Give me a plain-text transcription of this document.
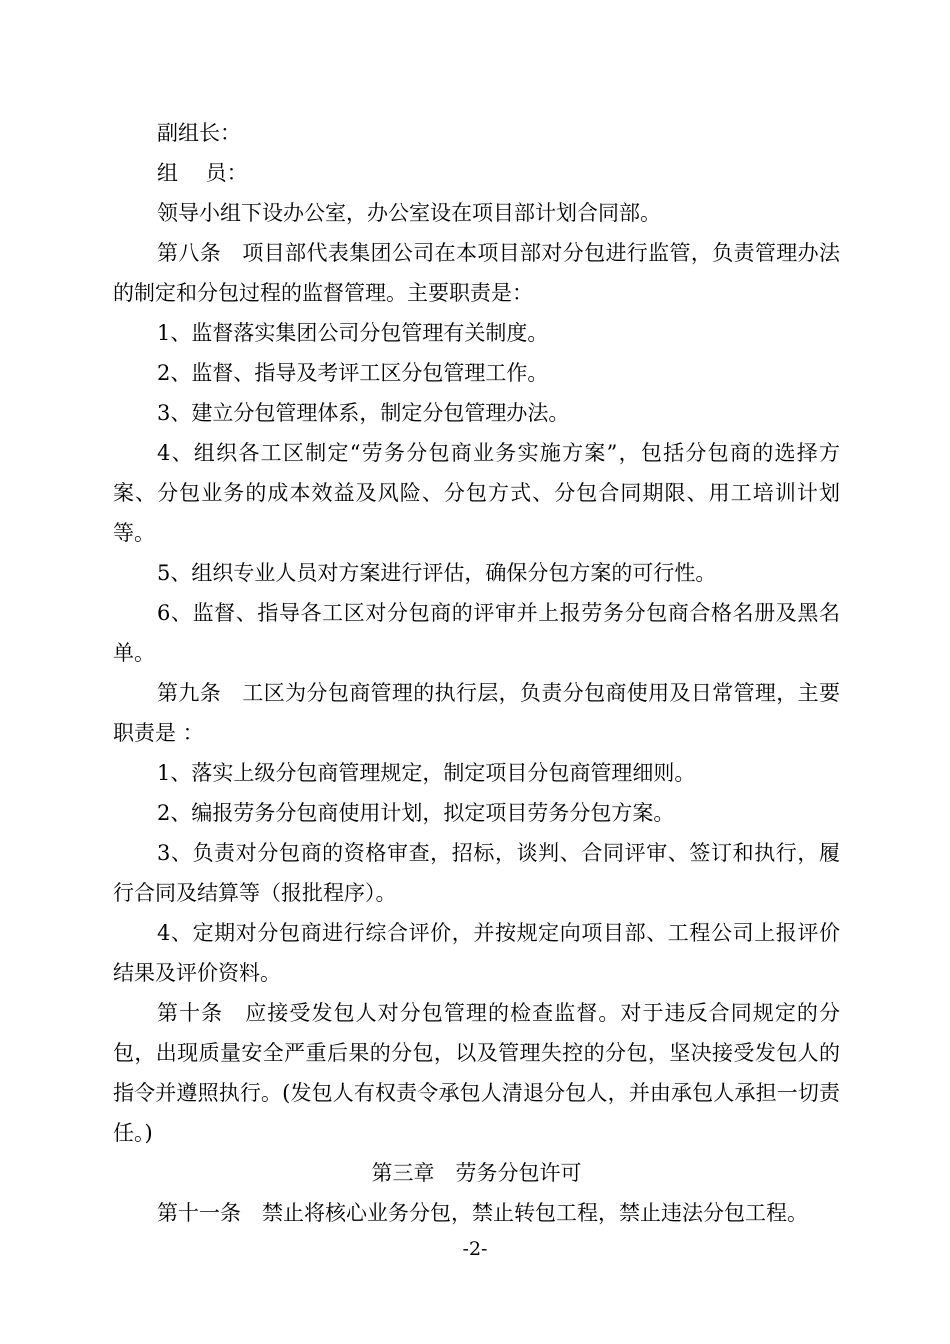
副组长：

组　 员：

领导小组下设办公室，办公室设在项目部计划合同部。

第八条　项目部代表集团公司在本项目部对分包进行监管，负责管理办法的制定和分包过程的监督管理。主要职责是：

1、监督落实集团公司分包管理有关制度。

2、监督、指导及考评工区分包管理工作。

3、建立分包管理体系，制定分包管理办法。

4、组织各工区制定“劳务分包商业务实施方案”，包括分包商的选择方案、分包业务的成本效益及风险、分包方式、分包合同期限、用工培训计划等。

5、组织专业人员对方案进行评估，确保分包方案的可行性。

6、监督、指导各工区对分包商的评审并上报劳务分包商合格名册及黑名单。

第九条　工区为分包商管理的执行层，负责分包商使用及日常管理，主要职责是 ：

1、落实上级分包商管理规定，制定项目分包商管理细则。

2、编报劳务分包商使用计划，拟定项目劳务分包方案。

3、负责对分包商的资格审查，招标，谈判、合同评审、签订和执行，履行合同及结算等（报批程序）。

4、定期对分包商进行综合评价，并按规定向项目部、工程公司上报评价结果及评价资料。

第十条　应接受发包人对分包管理的检查监督。对于违反合同规定的分包，出现质量安全严重后果的分包，以及管理失控的分包，坚决接受发包人的指令并遵照执行。(发包人有权责令承包人清退分包人，并由承包人承担一切责任。)

第三章　劳务分包许可

第十一条　禁止将核心业务分包，禁止转包工程，禁止违法分包工程。

-2-
